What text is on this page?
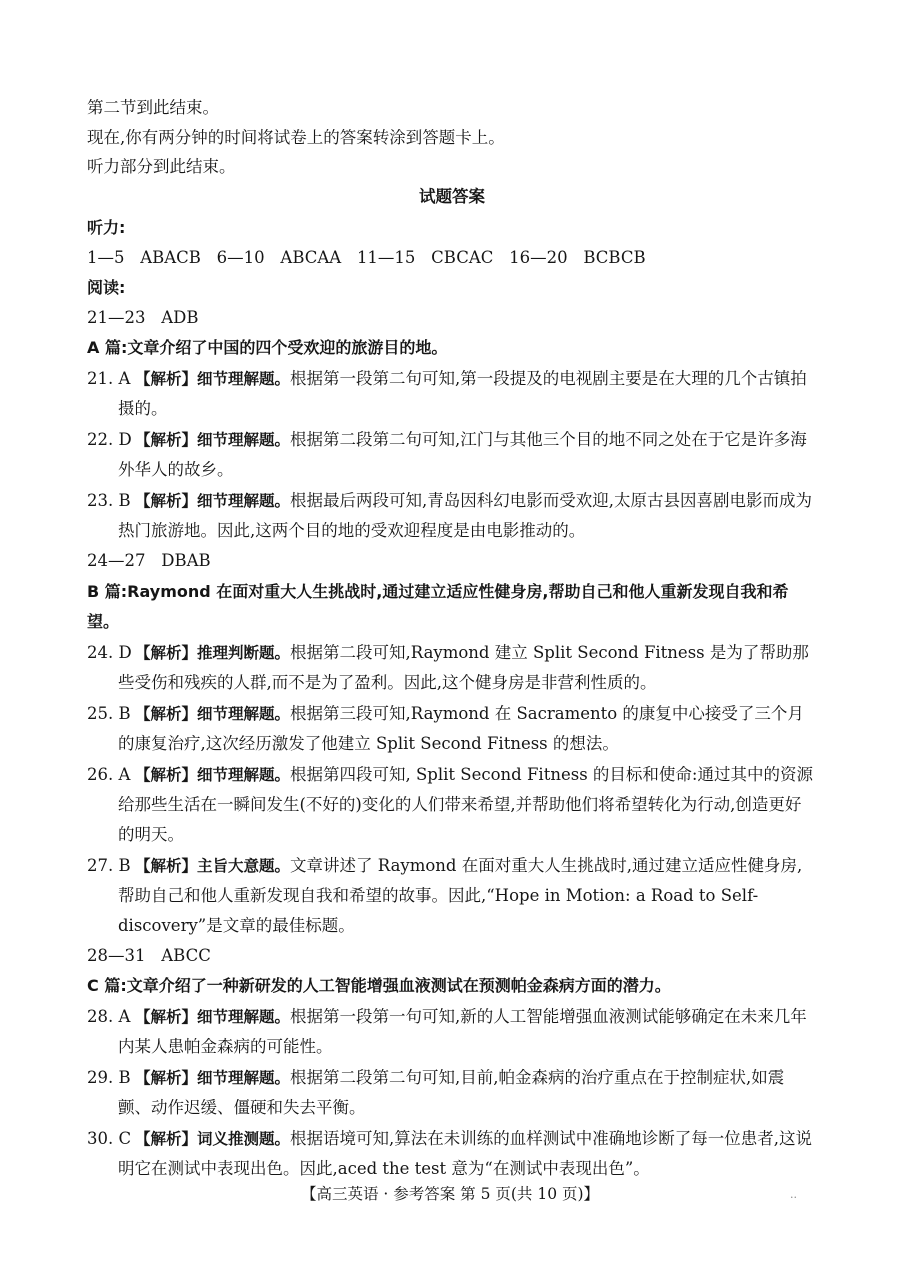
第二节到此结束。

现在,你有两分钟的时间将试卷上的答案转涂到答题卡上。

听力部分到此结束。

试题答案
听力:
1—5   ABACB   6—10   ABCAA   11—15   CBCAC   16—20   BCBCB
阅读:
21—23   ADB
A 篇:文章介绍了中国的四个受欢迎的旅游目的地。
21. A 【解析】细节理解题。根据第一段第二句可知,第一段提及的电视剧主要是在大理的几个古镇拍摄的。
22. D 【解析】细节理解题。根据第二段第二句可知,江门与其他三个目的地不同之处在于它是许多海外华人的故乡。
23. B 【解析】细节理解题。根据最后两段可知,青岛因科幻电影而受欢迎,太原古县因喜剧电影而成为热门旅游地。因此,这两个目的地的受欢迎程度是由电影推动的。
24—27   DBAB
B 篇:Raymond 在面对重大人生挑战时,通过建立适应性健身房,帮助自己和他人重新发现自我和希望。
24. D 【解析】推理判断题。根据第二段可知,Raymond 建立 Split Second Fitness 是为了帮助那些受伤和残疾的人群,而不是为了盈利。因此,这个健身房是非营利性质的。
25. B 【解析】细节理解题。根据第三段可知,Raymond 在 Sacramento 的康复中心接受了三个月的康复治疗,这次经历激发了他建立 Split Second Fitness 的想法。
26. A 【解析】细节理解题。根据第四段可知, Split Second Fitness 的目标和使命:通过其中的资源给那些生活在一瞬间发生(不好的)变化的人们带来希望,并帮助他们将希望转化为行动,创造更好的明天。
27. B 【解析】主旨大意题。文章讲述了 Raymond 在面对重大人生挑战时,通过建立适应性健身房,帮助自己和他人重新发现自我和希望的故事。因此,“Hope in Motion: a Road to Self-discovery”是文章的最佳标题。
28—31   ABCC
C 篇:文章介绍了一种新研发的人工智能增强血液测试在预测帕金森病方面的潜力。
28. A 【解析】细节理解题。根据第一段第一句可知,新的人工智能增强血液测试能够确定在未来几年内某人患帕金森病的可能性。
29. B 【解析】细节理解题。根据第二段第二句可知,目前,帕金森病的治疗重点在于控制症状,如震颤、动作迟缓、僵硬和失去平衡。
30. C 【解析】词义推测题。根据语境可知,算法在未训练的血样测试中准确地诊断了每一位患者,这说明它在测试中表现出色。因此,aced the test 意为“在测试中表现出色”。
【高三英语 · 参考答案 第 5 页(共 10 页)】	..
